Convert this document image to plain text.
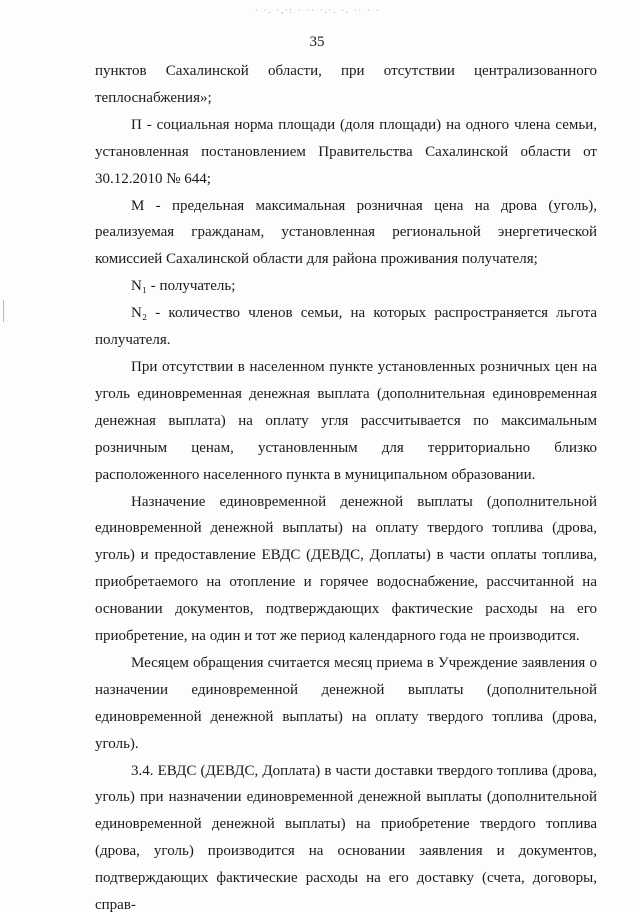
· ·. ·,·: · ·· ·.·. ·. ·· · ·
35

пунктов Сахалинской области, при отсутствии централизованного теплоснабжения»;

П - социальная норма площади (доля площади) на одного члена семьи, установленная постановлением Правительства Сахалинской области от 30.12.2010 № 644;

М - предельная максимальная розничная цена на дрова (уголь), реализуемая гражданам, установленная региональной энергетической комиссией Сахалинской области для района проживания получателя;

N₁ - получатель;

N₂ - количество членов семьи, на которых распространяется льгота получателя.

При отсутствии в населенном пункте установленных розничных цен на уголь единовременная денежная выплата (дополнительная единовременная денежная выплата) на оплату угля рассчитывается по максимальным розничным ценам, установленным для территориально близко расположенного населенного пункта в муниципальном образовании.

Назначение единовременной денежной выплаты (дополнительной единовременной денежной выплаты) на оплату твердого топлива (дрова, уголь) и предоставление ЕВДС (ДЕВДС, Доплаты) в части оплаты топлива, приобретаемого на отопление и горячее водоснабжение, рассчитанной на основании документов, подтверждающих фактические расходы на его приобретение, на один и тот же период календарного года не производится.

Месяцем обращения считается месяц приема в Учреждение заявления о назначении единовременной денежной выплаты (дополнительной единовременной денежной выплаты) на оплату твердого топлива (дрова, уголь).

3.4. ЕВДС (ДЕВДС, Доплата) в части доставки твердого топлива (дрова, уголь) при назначении единовременной денежной выплаты (дополнительной единовременной денежной выплаты) на приобретение твердого топлива (дрова, уголь) производится на основании заявления и документов, подтверждающих фактические расходы на его доставку (счета, договоры, справ-
